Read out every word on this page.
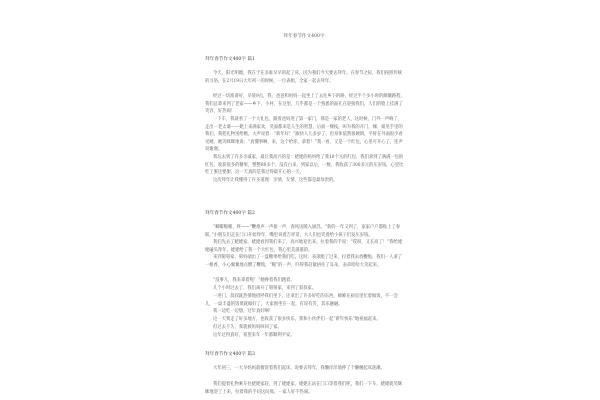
拜年春节作文400字
拜年春节作文400字 篇1

今天，阳光明媚，我在于在多谁早早的起了床，因为我们今天要去拜年。在春节之际，我们按照传统的习俗，在2月19日大年初一的时候，一位表姐，全家一起去拜年。

经过一切准备好，早晨9点，我，爸爸和妈妈一起坐上了去往乡下的路，经过半个多小时的颠簸路程，我们总算来到了老家——乡下，小村，在这里，几乎都是一个熟悉的面孔在迎接我们，人们的脸上挂满了笑容，好热闹！

一下车，我就看了一个大礼包，跟着爸妈进了第一家门，那是一家的老人，这时候，门外一声响了，走出一老太婆——姥上来满家欢，笑面都来是人生的智慧，后面一棵枝，叫为我的开门，咖，娘见手里的我们，我把礼物送给她，大声说着：“新年好！”跟快人儿多岁了，但身体依然很硬朗，平时在外面很少看见她，她笑眯眯地说：“真懂事啊，来，这个给你，拿着！”我一看，又是一个红包，心里可开心了，连声说谢谢。

我玩去到了许多亲戚家，最让我高兴的是：姥姥的妈妈给了我10个元的红包，我们拿到了满满一包的红包，收获很多的糖果，整整80多个，没有白来，到家以后，一数，我收获了300多元的压岁钱，心里比吃了蜜还要甜，这一天真的是我过得最开心的一天。

这次拜年让我懂得了许多道理：亲情，友情，这些都是最珍贵的。

拜年春节作文400字 篇2

“噼噼啪啪，咚——”鞭炮声一声接一声，春风送暖入屠苏。“新的一年又到了，家家户户都贴上了春联。”小朋友们走在门口开始拜年，嘴里说着吉祥话，大人们也笑着给小孩子们发压岁钱。

我们先去了姥姥家，姥姥看到我们来了，高兴地迎出来，拉着我的手说：“哎呀，又长高了！”我给姥姥磕头拜年，姥姥给了我一个大红包，我心里美滋滋的。

来到舅舅家，舅妈端出了一盘糖果给我们吃。这时，表弟跑了过来，拉着我去放鞭炮，我们一人拿了一根香，小心翼翼地点燃了鞭炮，“啪”的一声，吓得我赶紧捂住了耳朵，表弟哈哈大笑起来。

“没事儿，我来拿着呢！”她搀着我们跑着。

几个小时过去了，我们离开了舅舅家，来到了叔叔家。

一进门，叔叔就热情地招呼我们坐下，还拿出了许多好吃的东西，婶婶在厨房里忙着做饭，不一会儿，一桌丰盛的饭菜就做好了，大家围坐在一起，有说有笑，其乐融融。

我一边吃一边想，过年真好啊！

这一天我走了好多地方，也收获了很多快乐，我和小伙伴们一起“新年快乐”地祝福起来。

但过去不久，我就被妈妈叫回了家。

这年过得真好，希望来年一年都顺利平安。

拜年春节作文400字 篇3

大年初三，一大早妈妈就催促着我们起床，说要去拜年，我懒洋洋地伸了个懒腰起床洗漱。

我们提着礼物乘车往姥姥家赶，到了姥姥家，姥姥正站在门口等着我们呢，我们一下车，姥姥就笑眯眯地迎了上来，拉着我的手问这问那，一家人好不热闹。
